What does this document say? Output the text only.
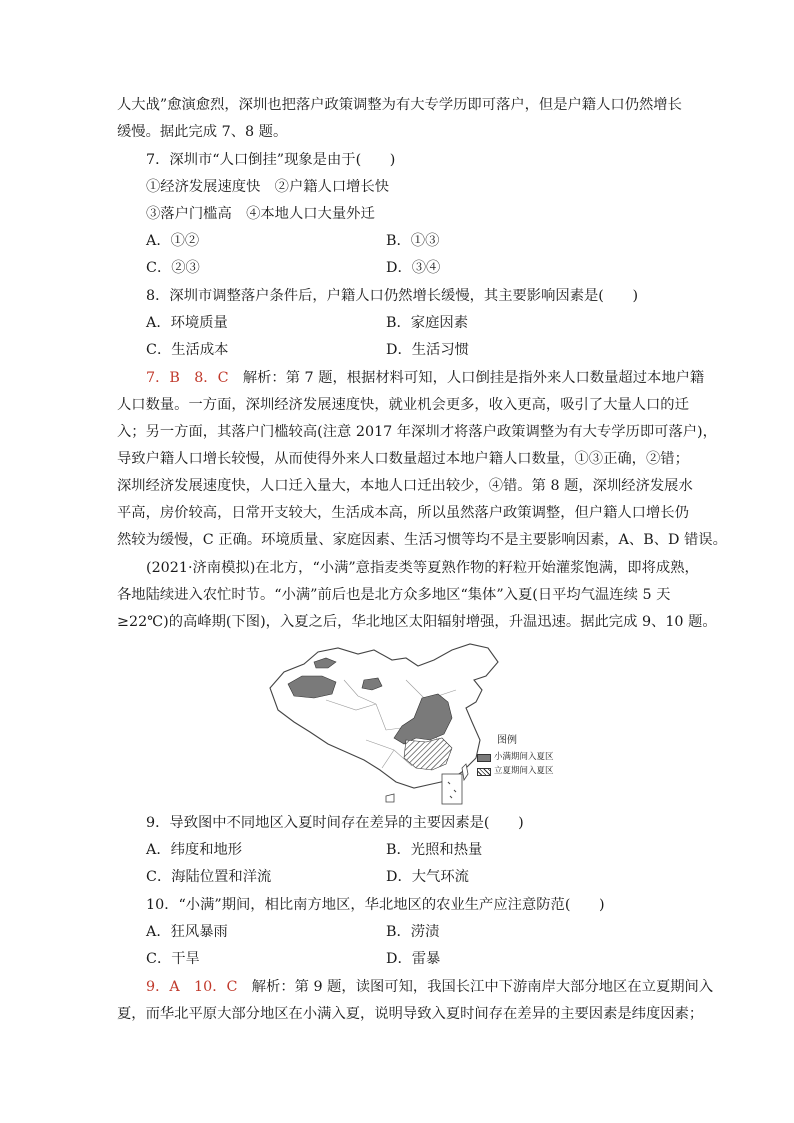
人大战”愈演愈烈，深圳也把落户政策调整为有大专学历即可落户，但是户籍人口仍然增长
缓慢。据此完成 7、8 题。
7．深圳市“人口倒挂”现象是由于(　　)
①经济发展速度快　②户籍人口增长快
③落户门槛高　④本地人口大量外迁
A．①②	B．①③
C．②③	D．③④
8．深圳市调整落户条件后，户籍人口仍然增长缓慢，其主要影响因素是(　　)
A．环境质量	B．家庭因素
C．生活成本	D．生活习惯
7．B　8．C　解析：第 7 题，根据材料可知，人口倒挂是指外来人口数量超过本地户籍
人口数量。一方面，深圳经济发展速度快，就业机会更多，收入更高，吸引了大量人口的迁
入；另一方面，其落户门槛较高(注意 2017 年深圳才将落户政策调整为有大专学历即可落户)，
导致户籍人口增长较慢，从而使得外来人口数量超过本地户籍人口数量，①③正确，②错；
深圳经济发展速度快，人口迁入量大，本地人口迁出较少，④错。第 8 题，深圳经济发展水
平高，房价较高，日常开支较大，生活成本高，所以虽然落户政策调整，但户籍人口增长仍
然较为缓慢，C 正确。环境质量、家庭因素、生活习惯等均不是主要影响因素，A、B、D 错误。
(2021·济南模拟)在北方，“小满”意指麦类等夏熟作物的籽粒开始灌浆饱满，即将成熟，
各地陆续进入农忙时节。“小满”前后也是北方众多地区“集体”入夏(日平均气温连续 5 天
≥22℃)的高峰期(下图)，入夏之后，华北地区太阳辐射增强，升温迅速。据此完成 9、10 题。
图例
小满期间入夏区
立夏期间入夏区
9．导致图中不同地区入夏时间存在差异的主要因素是(　　)
A．纬度和地形	B．光照和热量
C．海陆位置和洋流	D．大气环流
10．“小满”期间，相比南方地区，华北地区的农业生产应注意防范(　　)
A．狂风暴雨	B．涝渍
C．干旱	D．雷暴
9．A　10．C　解析：第 9 题，读图可知，我国长江中下游南岸大部分地区在立夏期间入
夏，而华北平原大部分地区在小满入夏，说明导致入夏时间存在差异的主要因素是纬度因素；
